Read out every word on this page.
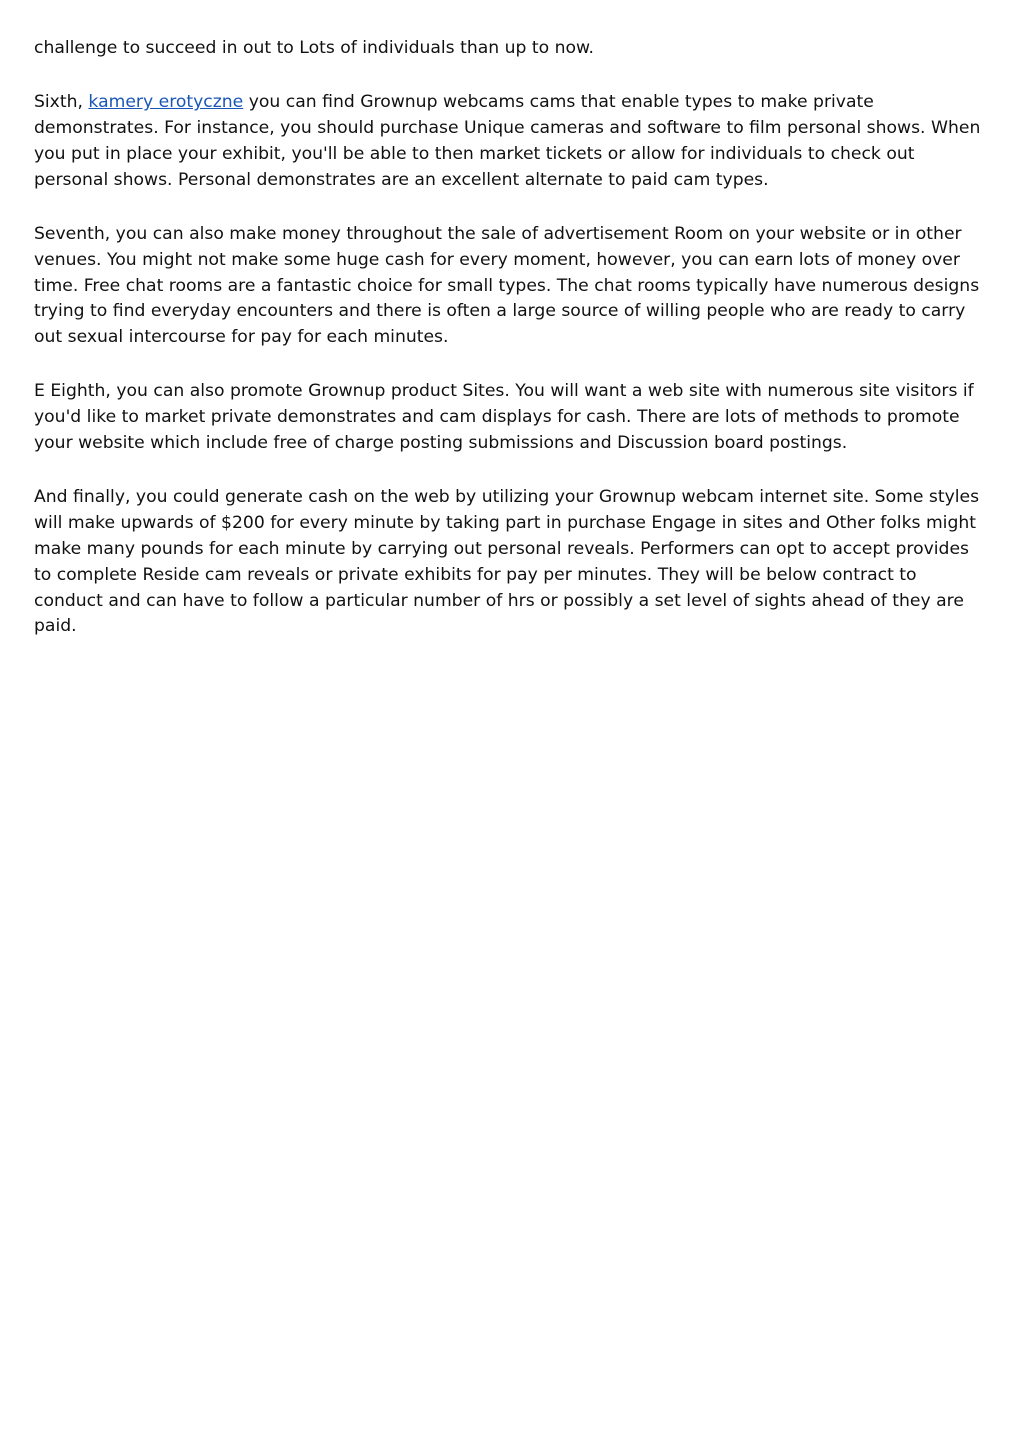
challenge to succeed in out to Lots of individuals than up to now.

Sixth, kamery erotyczne you can find Grownup webcams cams that enable types to make private demonstrates. For instance, you should purchase Unique cameras and software to film personal shows. When you put in place your exhibit, you'll be able to then market tickets or allow for individuals to check out personal shows. Personal demonstrates are an excellent alternate to paid cam types.

Seventh, you can also make money throughout the sale of advertisement Room on your website or in other venues. You might not make some huge cash for every moment, however, you can earn lots of money over time. Free chat rooms are a fantastic choice for small types. The chat rooms typically have numerous designs trying to find everyday encounters and there is often a large source of willing people who are ready to carry out sexual intercourse for pay for each minutes.

E Eighth, you can also promote Grownup product Sites. You will want a web site with numerous site visitors if you'd like to market private demonstrates and cam displays for cash. There are lots of methods to promote your website which include free of charge posting submissions and Discussion board postings.

And finally, you could generate cash on the web by utilizing your Grownup webcam internet site. Some styles will make upwards of $200 for every minute by taking part in purchase Engage in sites and Other folks might make many pounds for each minute by carrying out personal reveals. Performers can opt to accept provides to complete Reside cam reveals or private exhibits for pay per minutes. They will be below contract to conduct and can have to follow a particular number of hrs or possibly a set level of sights ahead of they are paid.
